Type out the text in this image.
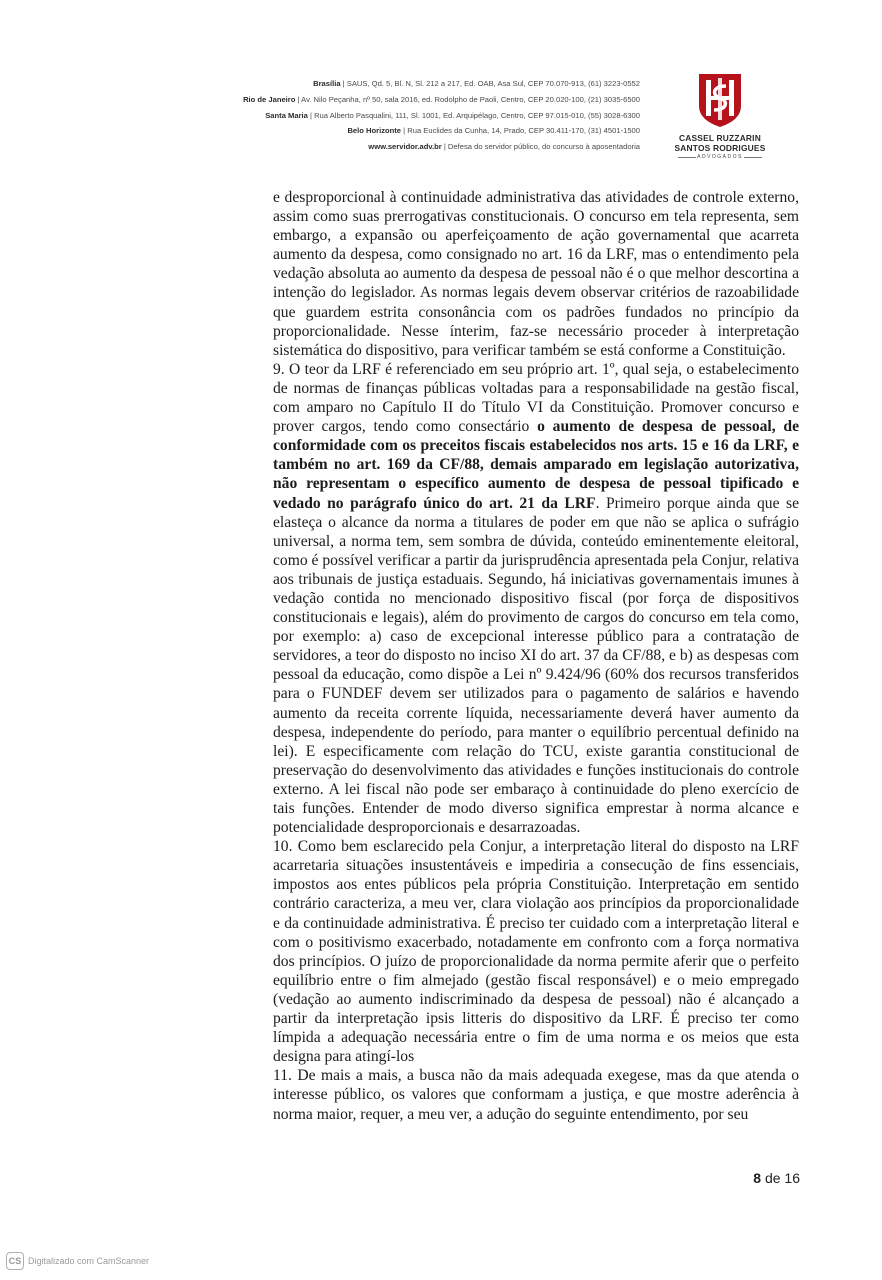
Brasília | SAUS, Qd. 5, Bl. N, Sl. 212 a 217, Ed. OAB, Asa Sul, CEP 70.070-913, (61) 3223-0552
Rio de Janeiro | Av. Nilo Peçanha, nº 50, sala 2016, ed. Rodolpho de Paoli, Centro, CEP 20.020-100, (21) 3035-6500
Santa Maria | Rua Alberto Pasqualini, 111, Sl. 1001, Ed. Arquipélago, Centro, CEP 97.015-010, (55) 3028-6300
Belo Horizonte | Rua Euclides da Cunha, 14, Prado, CEP 30.411-170, (31) 4501-1500
www.servidor.adv.br | Defesa do servidor público, do concurso à aposentadoria
CASSEL RUZZARIN
SANTOS RODRIGUES
ADVOGADOS

e desproporcional à continuidade administrativa das atividades de controle externo, assim como suas prerrogativas constitucionais. O concurso em tela representa, sem embargo, a expansão ou aperfeiçoamento de ação governamental que acarreta aumento da despesa, como consignado no art. 16 da LRF, mas o entendimento pela vedação absoluta ao aumento da despesa de pessoal não é o que melhor descortina a intenção do legislador. As normas legais devem observar critérios de razoabilidade que guardem estrita consonância com os padrões fundados no princípio da proporcionalidade. Nesse ínterim, faz-se necessário proceder à interpretação sistemática do dispositivo, para verificar também se está conforme a Constituição.

9. O teor da LRF é referenciado em seu próprio art. 1º, qual seja, o estabelecimento de normas de finanças públicas voltadas para a responsabilidade na gestão fiscal, com amparo no Capítulo II do Título VI da Constituição. Promover concurso e prover cargos, tendo como consectário o aumento de despesa de pessoal, de conformidade com os preceitos fiscais estabelecidos nos arts. 15 e 16 da LRF, e também no art. 169 da CF/88, demais amparado em legislação autorizativa, não representam o específico aumento de despesa de pessoal tipificado e vedado no parágrafo único do art. 21 da LRF. Primeiro porque ainda que se elasteça o alcance da norma a titulares de poder em que não se aplica o sufrágio universal, a norma tem, sem sombra de dúvida, conteúdo eminentemente eleitoral, como é possível verificar a partir da jurisprudência apresentada pela Conjur, relativa aos tribunais de justiça estaduais. Segundo, há iniciativas governamentais imunes à vedação contida no mencionado dispositivo fiscal (por força de dispositivos constitucionais e legais), além do provimento de cargos do concurso em tela como, por exemplo: a) caso de excepcional interesse público para a contratação de servidores, a teor do disposto no inciso XI do art. 37 da CF/88, e b) as despesas com pessoal da educação, como dispõe a Lei nº 9.424/96 (60% dos recursos transferidos para o FUNDEF devem ser utilizados para o pagamento de salários e havendo aumento da receita corrente líquida, necessariamente deverá haver aumento da despesa, independente do período, para manter o equilíbrio percentual definido na lei). E especificamente com relação do TCU, existe garantia constitucional de preservação do desenvolvimento das atividades e funções institucionais do controle externo. A lei fiscal não pode ser embaraço à continuidade do pleno exercício de tais funções. Entender de modo diverso significa emprestar à norma alcance e potencialidade desproporcionais e desarrazoadas.

10. Como bem esclarecido pela Conjur, a interpretação literal do disposto na LRF acarretaria situações insustentáveis e impediria a consecução de fins essenciais, impostos aos entes públicos pela própria Constituição. Interpretação em sentido contrário caracteriza, a meu ver, clara violação aos princípios da proporcionalidade e da continuidade administrativa. É preciso ter cuidado com a interpretação literal e com o positivismo exacerbado, notadamente em confronto com a força normativa dos princípios. O juízo de proporcionalidade da norma permite aferir que o perfeito equilíbrio entre o fim almejado (gestão fiscal responsável) e o meio empregado (vedação ao aumento indiscriminado da despesa de pessoal) não é alcançado a partir da interpretação ipsis litteris do dispositivo da LRF. É preciso ter como límpida a adequação necessária entre o fim de uma norma e os meios que esta designa para atingí-los

11. De mais a mais, a busca não da mais adequada exegese, mas da que atenda o interesse público, os valores que conformam a justiça, e que mostre aderência à norma maior, requer, a meu ver, a adução do seguinte entendimento, por seu

8 de 16
CS Digitalizado com CamScanner
